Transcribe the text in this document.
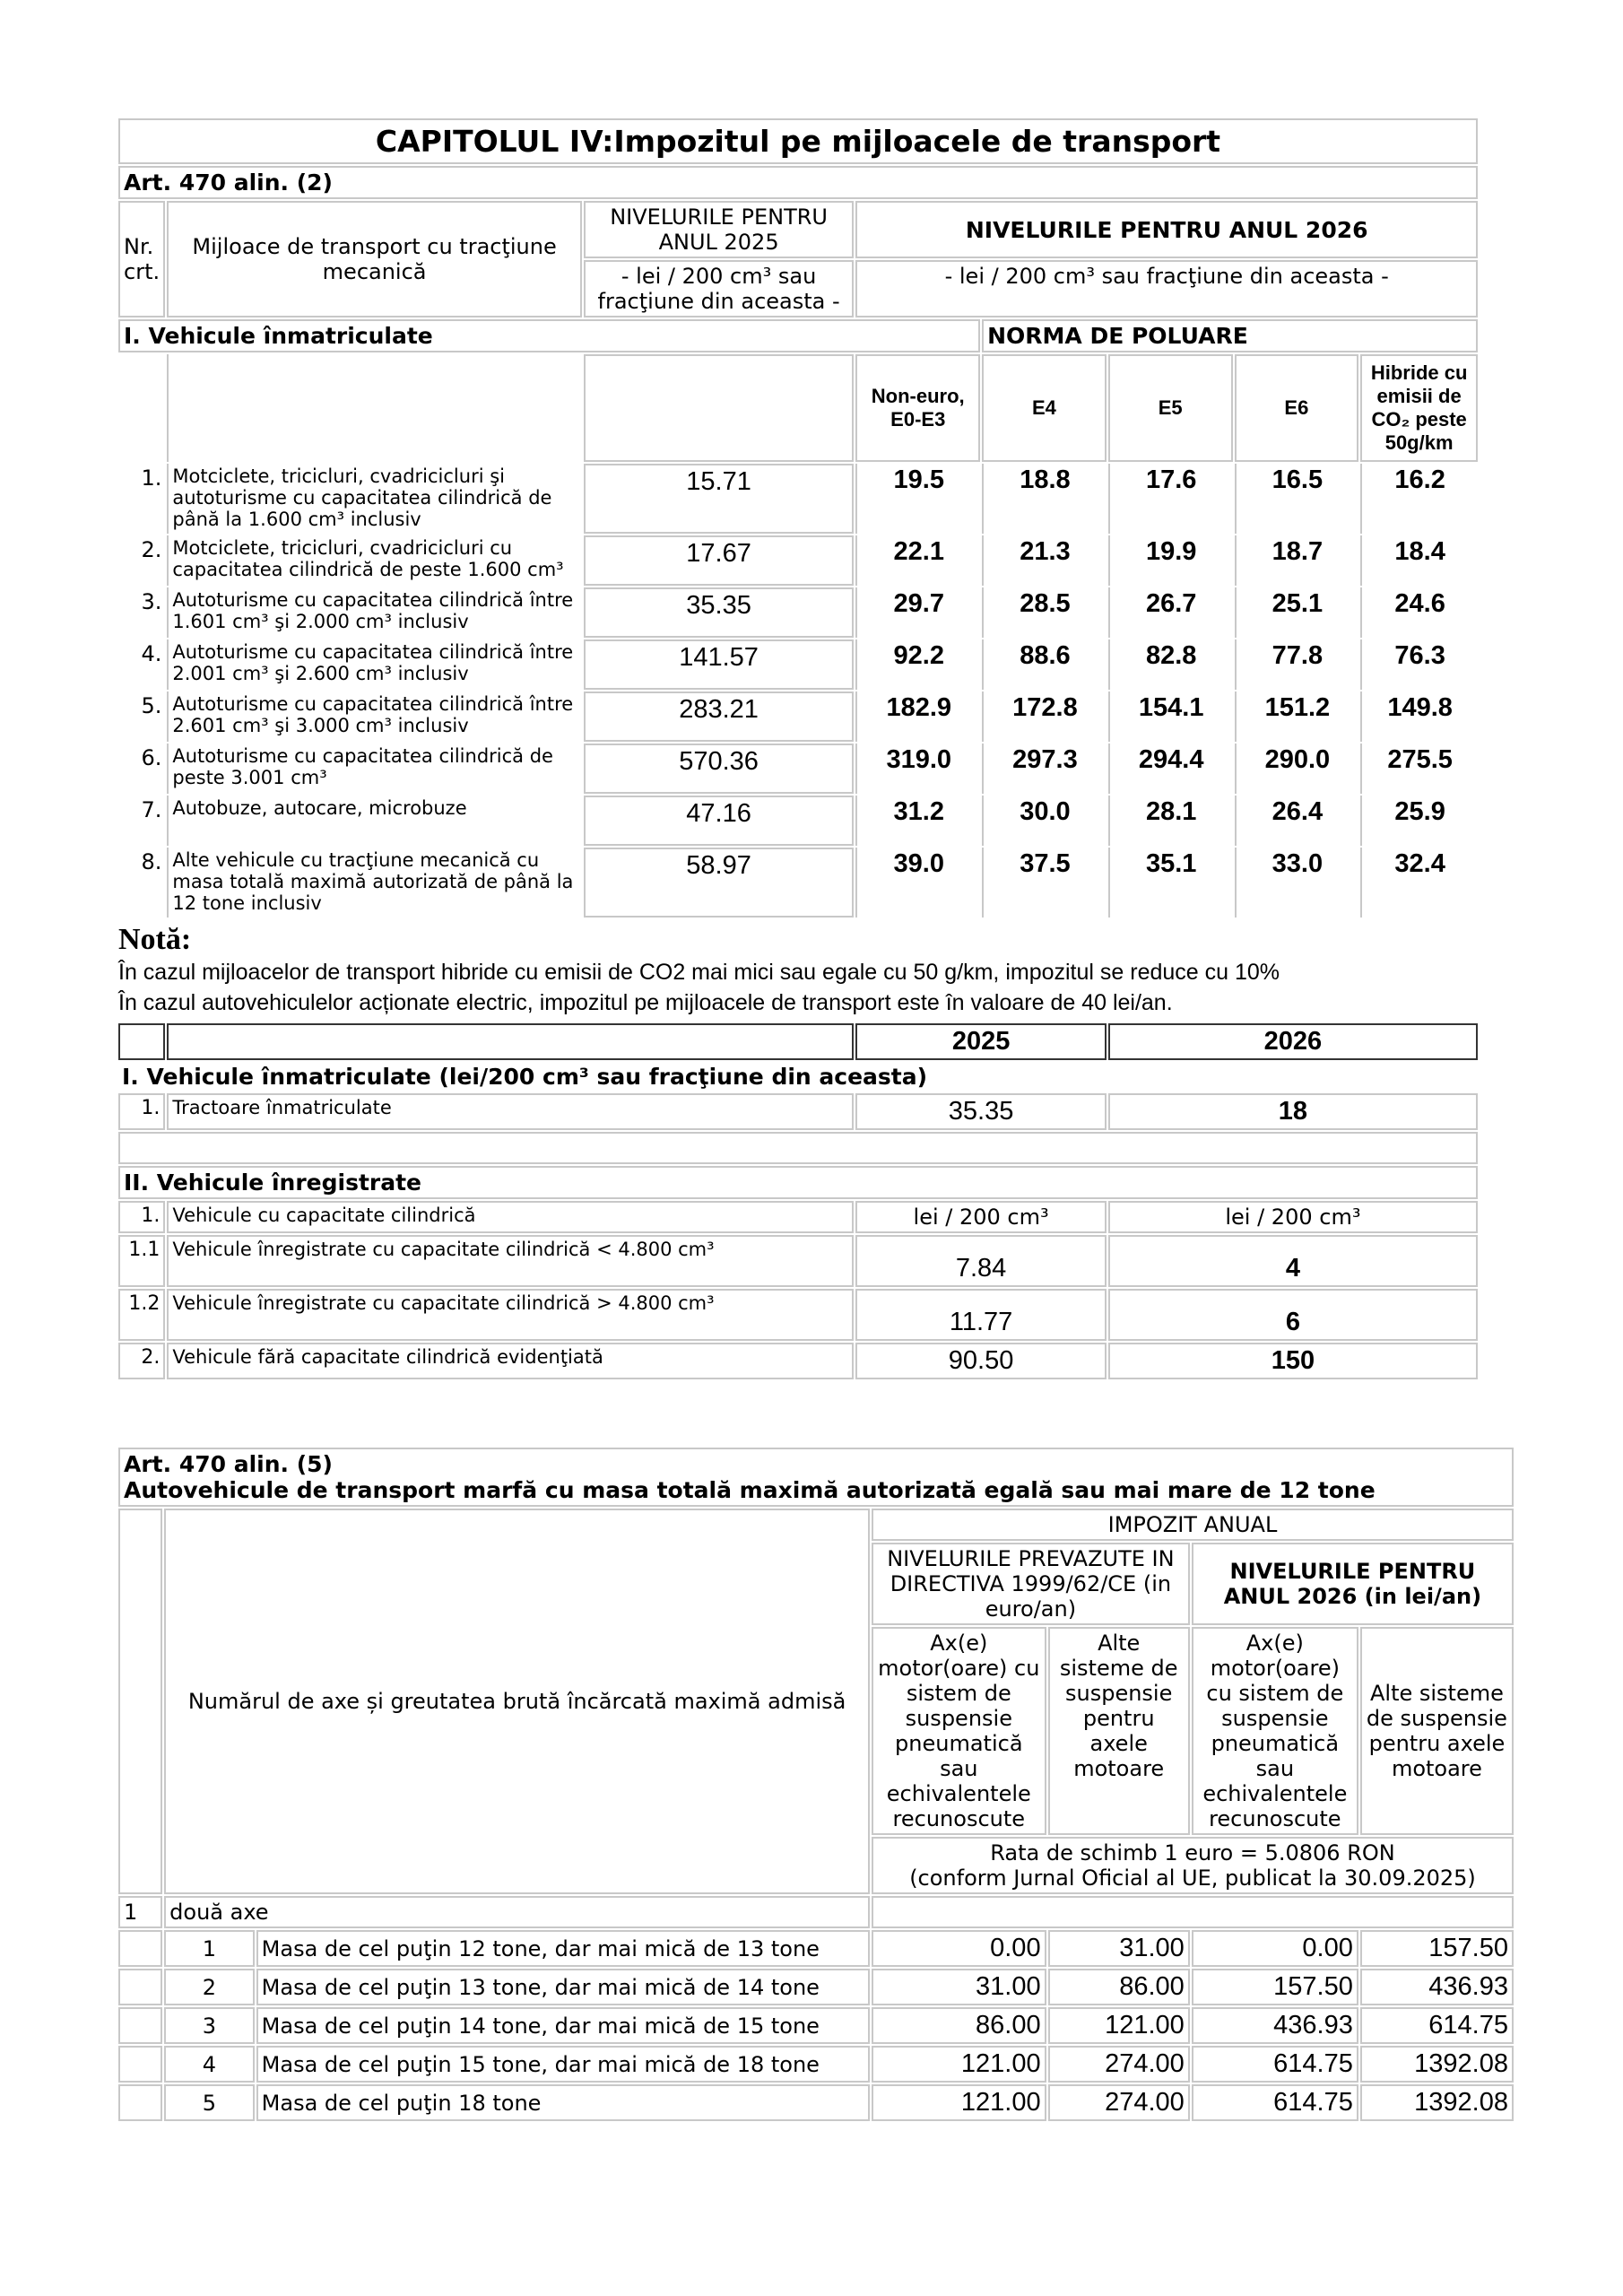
CAPITOLUL IV:Impozitul pe mijloacele de transport							
Art. 470 alin. (2)							
Nr. crt.	Mijloace de transport cu tracţiune mecanică	NIVELURILE PENTRU ANUL 2025	NIVELURILE PENTRU ANUL 2026				
		- lei / 200 cm³ sau fracţiune din aceasta -	- lei / 200 cm³ sau fracţiune din aceasta -				
I. Vehicule înmatriculate				NORMA DE POLUARE			
			Non-euro, E0-E3	E4	E5	E6	Hibride cu emisii de CO₂ peste 50g/km
1.	Motciclete, tricicluri, cvadricicluri şi autoturisme cu capacitatea cilindrică de până la 1.600 cm³ inclusiv	15.71	19.5	18.8	17.6	16.5	16.2
2.	Motciclete, tricicluri, cvadricicluri cu capacitatea cilindrică de peste 1.600 cm³	17.67	22.1	21.3	19.9	18.7	18.4
3.	Autoturisme cu capacitatea cilindrică între 1.601 cm³ şi 2.000 cm³ inclusiv	35.35	29.7	28.5	26.7	25.1	24.6
4.	Autoturisme cu capacitatea cilindrică între 2.001 cm³ şi 2.600 cm³ inclusiv	141.57	92.2	88.6	82.8	77.8	76.3
5.	Autoturisme cu capacitatea cilindrică între 2.601 cm³ şi 3.000 cm³ inclusiv	283.21	182.9	172.8	154.1	151.2	149.8
6.	Autoturisme cu capacitatea cilindrică de peste 3.001 cm³	570.36	319.0	297.3	294.4	290.0	275.5
7.	Autobuze, autocare, microbuze	47.16	31.2	30.0	28.1	26.4	25.9
8.	Alte vehicule cu tracţiune mecanică cu masa totală maximă autorizată de până la 12 tone inclusiv	58.97	39.0	37.5	35.1	33.0	32.4

Notă:
În cazul mijloacelor de transport hibride cu emisii de CO2 mai mici sau egale cu 50 g/km, impozitul se reduce cu 10%
În cazul autovehiculelor acționate electric, impozitul pe mijloacele de transport este în valoare de 40 lei/an.							

			2025		2026		
I. Vehicule înmatriculate (lei/200 cm³ sau fracţiune din aceasta)							
1.	Tractoare înmatriculate		35.35		18		

II. Vehicule înregistrate							
1.	Vehicule cu capacitate cilindrică		lei / 200 cm³		lei / 200 cm³		
1.1	Vehicule înregistrate cu capacitate cilindrică < 4.800 cm³		7.84		4		
1.2	Vehicule înregistrate cu capacitate cilindrică > 4.800 cm³		11.77		6		
2.	Vehicule fără capacitate cilindrică evidenţiată		90.50		150		
Art. 470 alin. (5)
Autovehicule de transport marfă cu masa totală maximă autorizată egală sau mai mare de 12 tone						

	Numărul de axe și greutatea brută încărcată maximă admisă		IMPOZIT ANUAL			
			NIVELURILE PREVAZUTE IN DIRECTIVA 1999/62/CE (in euro/an)		NIVELURILE PENTRU ANUL 2026 (in lei/an)	
			Ax(e) motor(oare) cu sistem de suspensie pneumatică sau echivalentele recunoscute	Alte sisteme de suspensie pentru axele motoare	Ax(e) motor(oare) cu sistem de suspensie pneumatică sau echivalentele recunoscute	Alte sisteme de suspensie pentru axele motoare

			Rata de schimb 1 euro = 5.0806 RON
(conform Jurnal Oficial al UE, publicat la 30.09.2025)			

1	două axe					
	1	Masa de cel puţin 12 tone, dar mai mică de 13 tone	0.00	31.00	0.00	157.50
	2	Masa de cel puţin 13 tone, dar mai mică de 14 tone	31.00	86.00	157.50	436.93
	3	Masa de cel puţin 14 tone, dar mai mică de 15 tone	86.00	121.00	436.93	614.75
	4	Masa de cel puţin 15 tone, dar mai mică de 18 tone	121.00	274.00	614.75	1392.08
	5	Masa de cel puţin 18 tone	121.00	274.00	614.75	1392.08
